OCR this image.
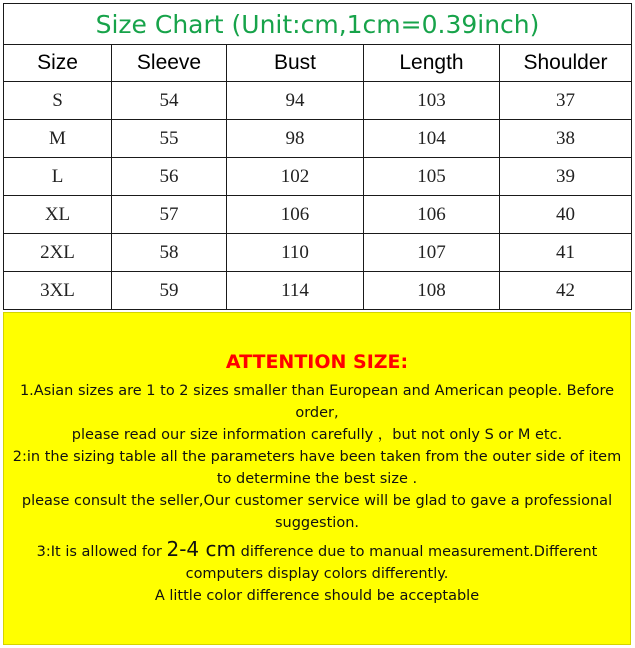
Size Chart (Unit:cm,1cm=0.39inch)				
Size	Sleeve	Bust	Length	Shoulder
S	54	94	103	37
M	55	98	104	38
L	56	102	105	39
XL	57	106	106	40
2XL	58	110	107	41
3XL	59	114	108	42
ATTENTION SIZE:

1.Asian sizes are 1 to 2 sizes smaller than European and American people. Before order,

please read our size information carefully ，but not only S or M etc.

2:in the sizing table all the parameters have been taken from the outer side of item to determine the best size .

please consult the seller,Our customer service will be glad to gave a professional suggestion.

3:It is allowed for 2-4 cm difference due to manual measurement.Different computers display colors differently.

A little color difference should be acceptable
